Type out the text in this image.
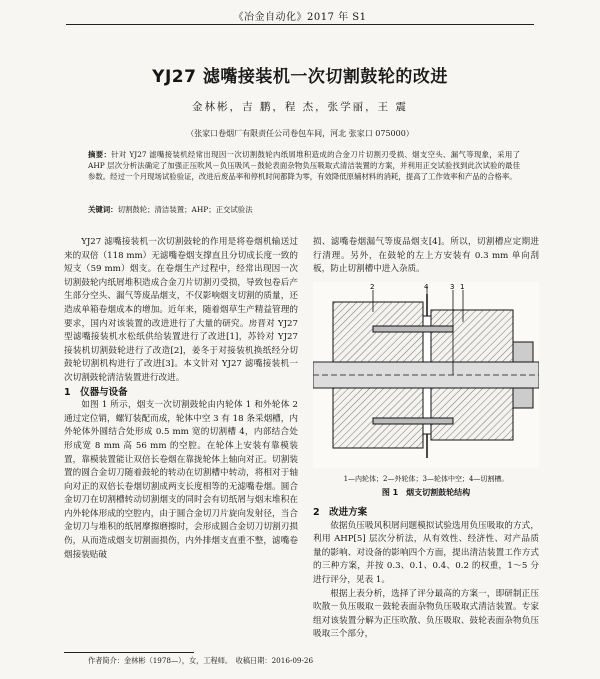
《冶金自动化》2017 年 S1
YJ27 滤嘴接装机一次切割鼓轮的改进
金林彬，吉 鹏，程 杰，张学丽，王 震
（张家口卷烟厂有限责任公司卷包车间，河北 张家口 075000）
摘要：针对 YJ27 滤嘴接装机经常出现因一次切割鼓轮内纸屑堆积造成的合金刀片切割刃受损、烟支空头、漏气等现象，采用了 AHP 层次分析法确定了加强正压吹风－负压吸风－鼓轮表面杂物负压吸取式清洁装置的方案，并利用正交试验找到此次试验的最佳参数。经过一个月现场试验验证，改进后废品率和停机时间都降为零，有效降低原辅材料的消耗，提高了工作效率和产品的合格率。
关键词：切割鼓轮；清洁装置；AHP；正交试验法

YJ27 滤嘴接装机一次切割鼓轮的作用是将卷烟机输送过来的双倍（118 mm）无滤嘴卷烟支撑直且分切成长度一致的短支（59 mm）烟支。在卷烟生产过程中，经常出现因一次切割鼓轮内纸屑堆积造成合金刀片切割刃受损，导致包卷后产生部分空头、漏气等废品烟支，不仅影响烟支切割的质量，还造成单箱卷烟成本的增加。近年来，随着烟草生产精益管理的要求，国内对该装置的改进进行了大量的研究。房晋对 YJ27 型滤嘴接装机水松纸供给装置进行了改进[1]，苏铃对 YJ27 接装机切割鼓轮进行了改造[2]，姜冬于对接装机换纸经分切鼓轮切割机构进行了改进[3]。本文针对 YJ27 滤嘴接装机一次切割鼓轮清洁装置进行改进。

1　仪器与设备

如图 1 所示，烟支一次切割鼓轮由内轮体 1 和外轮体 2 通过定位销，螺钉装配而成，轮体中空 3 有 18 条采烟槽，内外轮体外圆结合处形成 0.5 mm 宽的切割槽 4，内部结合处形成宽 8 mm 高 56 mm 的空腔。在轮体上安装有靠模装置，靠模装置能让双倍长卷烟在靠拢轮体上轴向对正。切割装置的圆合金切刀随着鼓轮的转动在切割槽中转动，将相对于轴向对正的双倍长卷烟切割成两支长度相等的无滤嘴卷烟。圆合金切刀在切割槽转动切割烟支的同时会有切纸屑与烟末堆积在内外轮体形成的空腔内，由于圆合金切刀片旋向发射径，当合金切刀与堆积的纸屑摩擦磨擦时，会形成圆合金切刀切割刃损伤，从而造成烟支切割面损伤，内外排烟支直重不整，滤嘴卷烟接装贴破

损、滤嘴卷烟漏气等废品烟支[4]。所以，切割槽应定期进行清理。另外，在鼓轮的左上方安装有 0.3 mm 单向刮板，防止切割槽中进入杂质。

1
2	3
4
1—内轮体；2—外轮体；3—轮体中空；4—切割槽。
图 1　烟支切割鼓轮结构

2　改进方案

依据负压吸风积屑问题模拟试验选用负压吸取的方式，利用 AHP[5] 层次分析法，从有效性、经济性、对产品质量的影响、对设备的影响四个方面，提出清洁装置工作方式的三种方案，并按 0.3、0.1、0.4、0.2 的权重，1～5 分进行评分，见表 1。

根据上表分析，选择了评分最高的方案一，即研制正压吹散－负压吸取－鼓轮表面杂物负压吸取式清洁装置。专家组对该装置分解为正压吹散、负压吸取、鼓轮表面杂物负压吸取三个部分，

作者简介：金林彬（1978—），女，工程师。　收稿日期：2016-09-26
